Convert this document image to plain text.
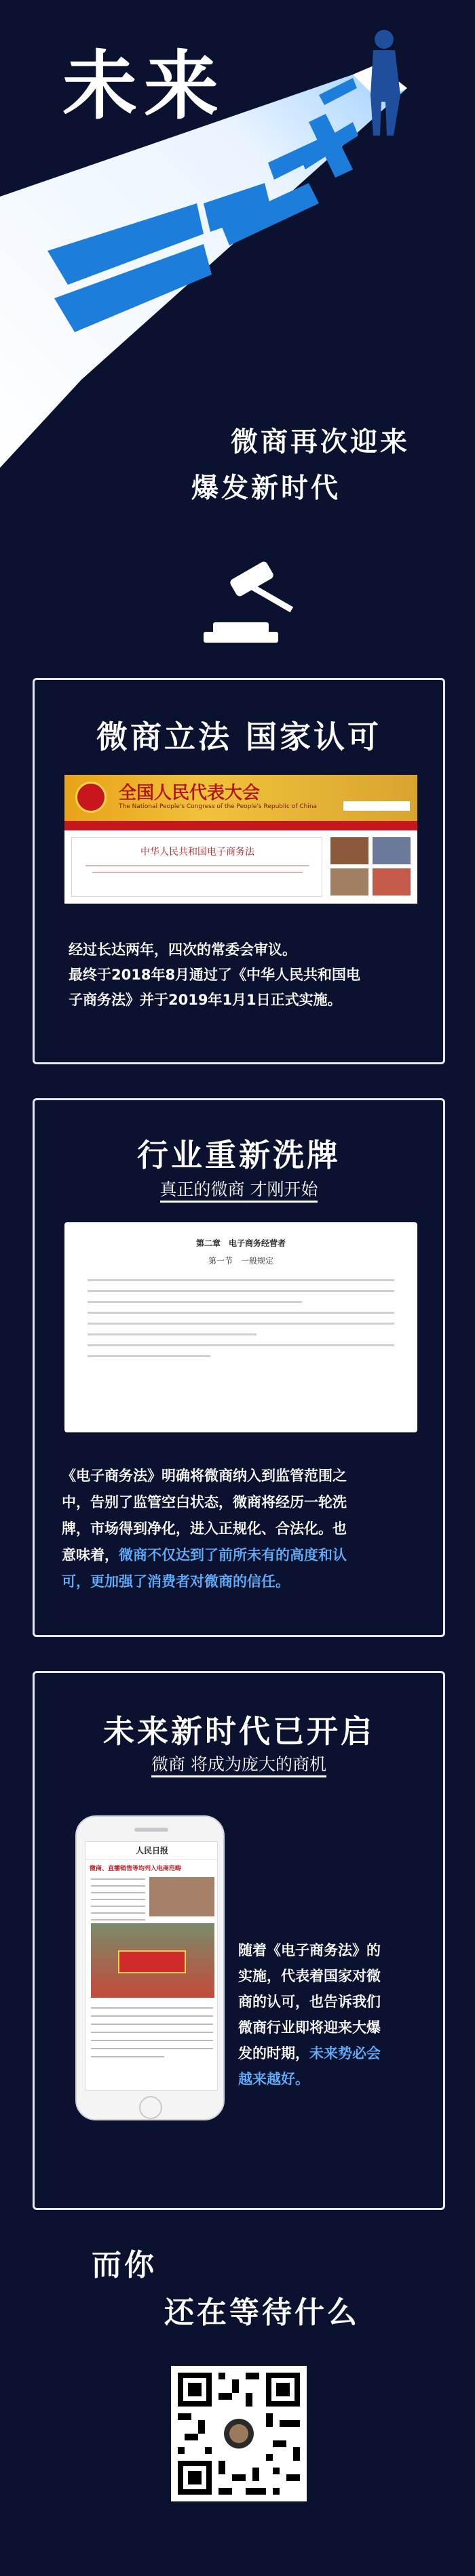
未来
微商再次迎来
爆发新时代
微商立法 国家认可
全国人民代表大会
The National People's Congress of the People's Republic of China
中华人民共和国电子商务法
经过长达两年，四次的常委会审议。
最终于2018年8月通过了《中华人民共和国电
子商务法》并于2019年1月1日正式实施。
行业重新洗牌
真正的微商 才刚开始
第二章　电子商务经营者
第一节　一般规定
《电子商务法》明确将微商纳入到监管范围之
中，告别了监管空白状态，微商将经历一轮洗
牌，市场得到净化，进入正规化、合法化。也
意味着，微商不仅达到了前所未有的高度和认
可，更加强了消费者对微商的信任。
未来新时代已开启
微商 将成为庞大的商机
人民日报
微商、直播销售等均列入电商范畴
随着《电子商务法》的
实施，代表着国家对微
商的认可，也告诉我们
微商行业即将迎来大爆
发的时期，未来势必会
越来越好。
而你
还在等待什么
